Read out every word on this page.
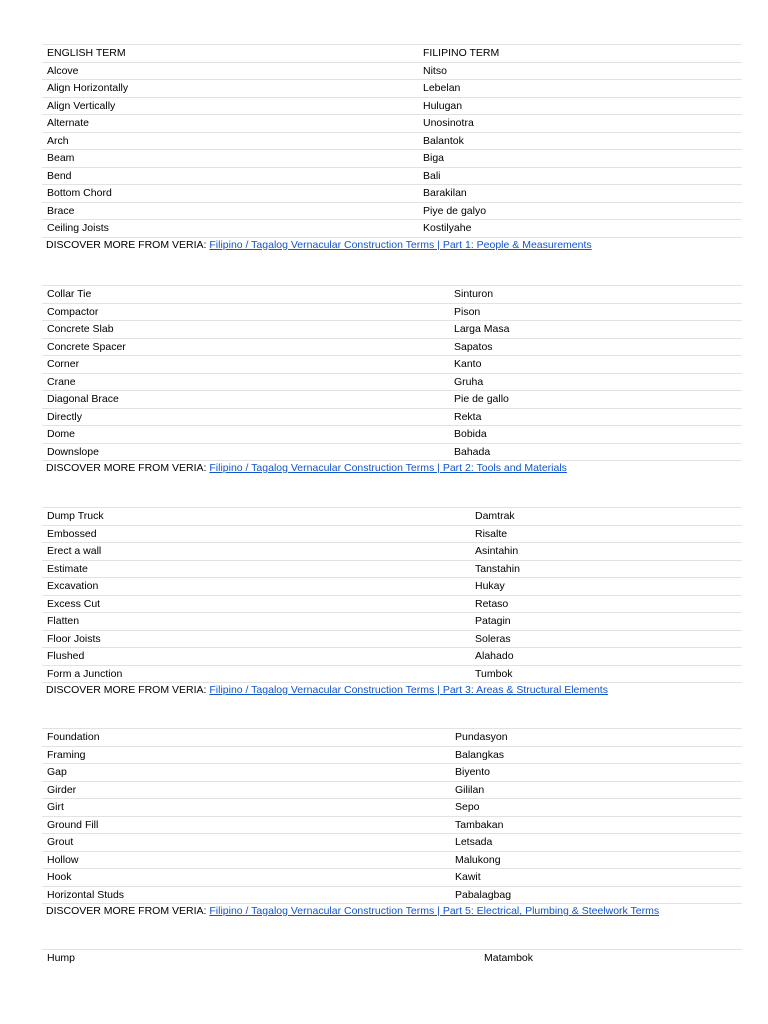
ENGLISH TERM	FILIPINO TERM
Alcove	Nitso
Align Horizontally	Lebelan
Align Vertically	Hulugan
Alternate	Unosinotra
Arch	Balantok
Beam	Biga
Bend	Bali
Bottom Chord	Barakilan
Brace	Piye de galyo
Ceiling Joists	Kostilyahe
DISCOVER MORE FROM VERIA: Filipino / Tagalog Vernacular Construction Terms | Part 1: People & Measurements
Collar Tie	Sinturon
Compactor	Pison
Concrete Slab	Larga Masa
Concrete Spacer	Sapatos
Corner	Kanto
Crane	Gruha
Diagonal Brace	Pie de gallo
Directly	Rekta
Dome	Bobida
Downslope	Bahada
DISCOVER MORE FROM VERIA: Filipino / Tagalog Vernacular Construction Terms | Part 2: Tools and Materials
Dump Truck	Damtrak
Embossed	Risalte
Erect a wall	Asintahin
Estimate	Tanstahin
Excavation	Hukay
Excess Cut	Retaso
Flatten	Patagin
Floor Joists	Soleras
Flushed	Alahado
Form a Junction	Tumbok
DISCOVER MORE FROM VERIA: Filipino / Tagalog Vernacular Construction Terms | Part 3: Areas & Structural Elements
Foundation	Pundasyon
Framing	Balangkas
Gap	Biyento
Girder	Gililan
Girt	Sepo
Ground Fill	Tambakan
Grout	Letsada
Hollow	Malukong
Hook	Kawit
Horizontal Studs	Pabalagbag
DISCOVER MORE FROM VERIA: Filipino / Tagalog Vernacular Construction Terms | Part 5: Electrical, Plumbing & Steelwork Terms
Hump	Matambok
